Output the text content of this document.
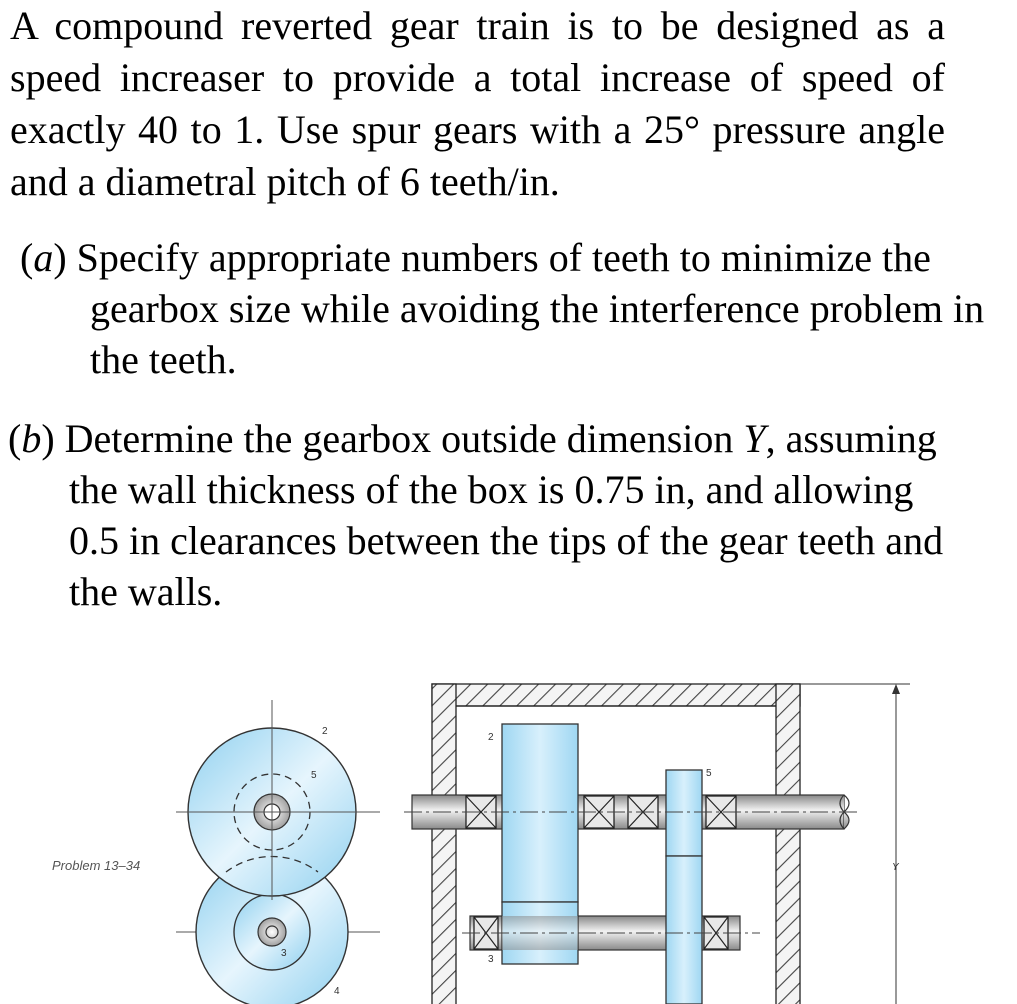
A compound reverted gear train is to be designed as a speed increaser to provide a total increase of speed of exactly 40 to 1. Use spur gears with a 25° pressure angle and a diametral pitch of 6 teeth/in.

(a) Specify appropriate numbers of teeth to minimize the gearbox size while avoiding the interference problem in the teeth.

(b) Determine the gearbox outside dimension Y, assuming the wall thickness of the box is 0.75 in, and allowing 0.5 in clearances between the tips of the gear teeth and the walls.

2
5
3
4
Problem 13–34
2
5
3
Y
